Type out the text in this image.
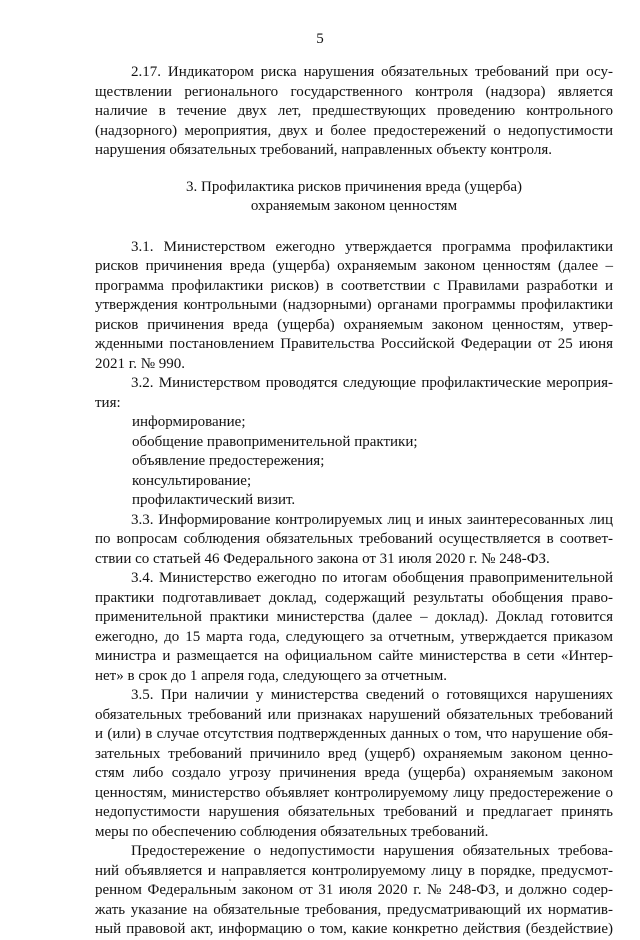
5
2.17. Индикатором риска нарушения обязательных требований при осу-
ществлении регионального государственного контроля (надзора) является
наличие в течение двух лет, предшествующих проведению контрольного
(надзорного) мероприятия, двух и более предостережений о недопустимости
нарушения обязательных требований, направленных объекту контроля.
3. Профилактика рисков причинения вреда (ущерба)
охраняемым законом ценностям
3.1. Министерством ежегодно утверждается программа профилактики
рисков причинения вреда (ущерба) охраняемым законом ценностям (далее –
программа профилактики рисков) в соответствии с Правилами разработки и
утверждения контрольными (надзорными) органами программы профилактики
рисков причинения вреда (ущерба) охраняемым законом ценностям, утвер-
жденными постановлением Правительства Российской Федерации от 25 июня
2021 г. № 990.
3.2. Министерством проводятся следующие профилактические мероприя-
тия:
информирование;
обобщение правоприменительной практики;
объявление предостережения;
консультирование;
профилактический визит.
3.3. Информирование контролируемых лиц и иных заинтересованных лиц
по вопросам соблюдения обязательных требований осуществляется в соответ-
ствии со статьей 46 Федерального закона от 31 июля 2020 г. № 248-ФЗ.
3.4. Министерство ежегодно по итогам обобщения правоприменительной
практики подготавливает доклад, содержащий результаты обобщения право-
применительной практики министерства (далее – доклад). Доклад готовится
ежегодно, до 15 марта года, следующего за отчетным, утверждается приказом
министра и размещается на официальном сайте министерства в сети «Интер-
нет» в срок до 1 апреля года, следующего за отчетным.
3.5. При наличии у министерства сведений о готовящихся нарушениях
обязательных требований или признаках нарушений обязательных требований
и (или) в случае отсутствия подтвержденных данных о том, что нарушение обя-
зательных требований причинило вред (ущерб) охраняемым законом ценно-
стям либо создало угрозу причинения вреда (ущерба) охраняемым законом
ценностям, министерство объявляет контролируемому лицу предостережение о
недопустимости нарушения обязательных требований и предлагает принять
меры по обеспечению соблюдения обязательных требований.
Предостережение о недопустимости нарушения обязательных требова-
ний объявляется и направляется контролируемому лицу в порядке, предусмот-
ренном Федеральным законом от 31 июля 2020 г. № 248-ФЗ, и должно содер-
жать указание на обязательные требования, предусматривающий их норматив-
ный правовой акт, информацию о том, какие конкретно действия (бездействие)
